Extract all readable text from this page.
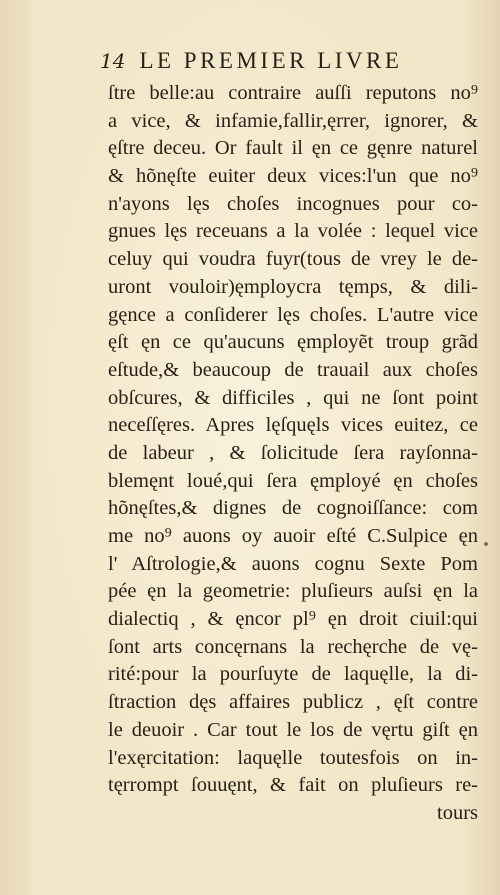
14 LE PREMIER LIVRE
ſtre belle:au contraire auſſi reputons no⁹
a vice, & infamie,fallir,ęrrer, ignorer, &
ęſtre deceu. Or fault il ęn ce gęnre naturel
& hõnęſte euiter deux vices:l'un que no⁹
n'ayons lęs choſes incognues pour co-
gnues lęs receuans a la volée : lequel vice
celuy qui voudra fuyr(tous de vrey le de-
uront vouloir)ęmploycra tęmps, & dili-
gęnce a conſiderer lęs choſes. L'autre vice
ęſt ęn ce qu'aucuns ęmployẽt troup grãd
eſtude,& beaucoup de trauail aux choſes
obſcures, & difficiles , qui ne ſont point
neceſſęres. Apres lęſquęls vices euitez, ce
de labeur , & ſolicitude ſera rayſonna-
blemęnt loué,qui ſera ęmployé ęn choſes
hõnęſtes,& dignes de cognoiſſance: com
me no⁹ auons oy auoir eſté C.Sulpice ęn
l' Aſtrologie,& auons cognu Sexte Pom
pée ęn la geometrie: pluſieurs auſsi ęn la
dialectiq , & ęncor pl⁹ ęn droit ciuil:qui
ſont arts concęrnans la rechęrche de vę-
rité:pour la pourſuyte de laquęlle, la di-
ſtraction dęs affaires publicz , ęſt contre
le deuoir . Car tout le los de vęrtu giſt ęn
l'exęrcitation: laquęlle toutesfois on in-
tęrrompt ſouuęnt, & fait on pluſieurs re-
tours
